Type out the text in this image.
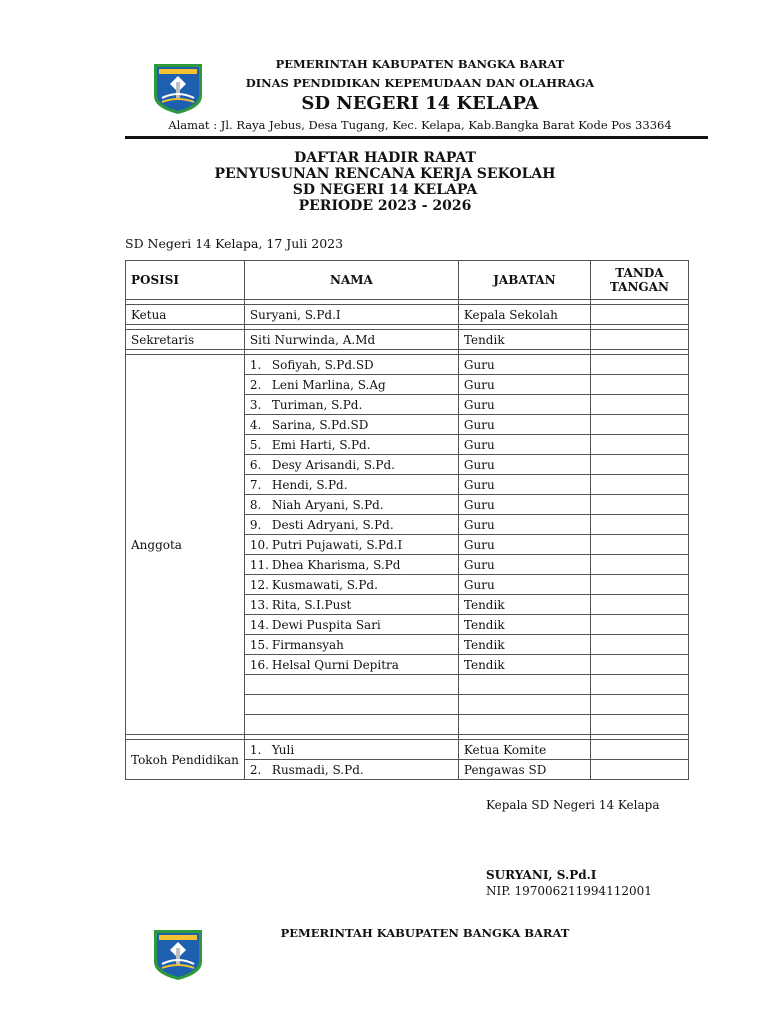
PEMERINTAH KABUPATEN BANGKA BARAT
DINAS PENDIDIKAN KEPEMUDAAN DAN OLAHRAGA
SD NEGERI 14 KELAPA
Alamat : Jl. Raya Jebus, Desa Tugang, Kec. Kelapa, Kab.Bangka Barat Kode Pos 33364
DAFTAR HADIR RAPAT
PENYUSUNAN RENCANA KERJA SEKOLAH
SD NEGERI 14 KELAPA
PERIODE 2023 - 2026
SD Negeri 14 Kelapa, 17 Juli 2023
POSISI	NAMA	JABATAN	TANDA
TANGAN

Ketua	Suryani, S.Pd.I	Kepala Sekolah	

Sekretaris	Siti Nurwinda, A.Md	Tendik	

Anggota	1. Sofiyah, S.Pd.SD	Guru	
	2. Leni Marlina, S.Ag	Guru	
	3. Turiman, S.Pd.	Guru	
	4. Sarina, S.Pd.SD	Guru	
	5. Emi Harti, S.Pd.	Guru	
	6. Desy Arisandi, S.Pd.	Guru	
	7. Hendi, S.Pd.	Guru	
	8. Niah Aryani, S.Pd.	Guru	
	9. Desti Adryani, S.Pd.	Guru	
	10. Putri Pujawati, S.Pd.I	Guru	
	11. Dhea Kharisma, S.Pd	Guru	
	12. Kusmawati, S.Pd.	Guru	
	13. Rita, S.I.Pust	Tendik	
	14. Dewi Puspita Sari	Tendik	
	15. Firmansyah	Tendik	
	16. Helsal Qurni Depitra	Tendik	

Tokoh Pendidikan	1. Yuli	Ketua Komite	
	2. Rusmadi, S.Pd.	Pengawas SD	
Kepala SD Negeri 14 Kelapa
SURYANI, S.Pd.I
NIP. 197006211994112001
PEMERINTAH KABUPATEN BANGKA BARAT
